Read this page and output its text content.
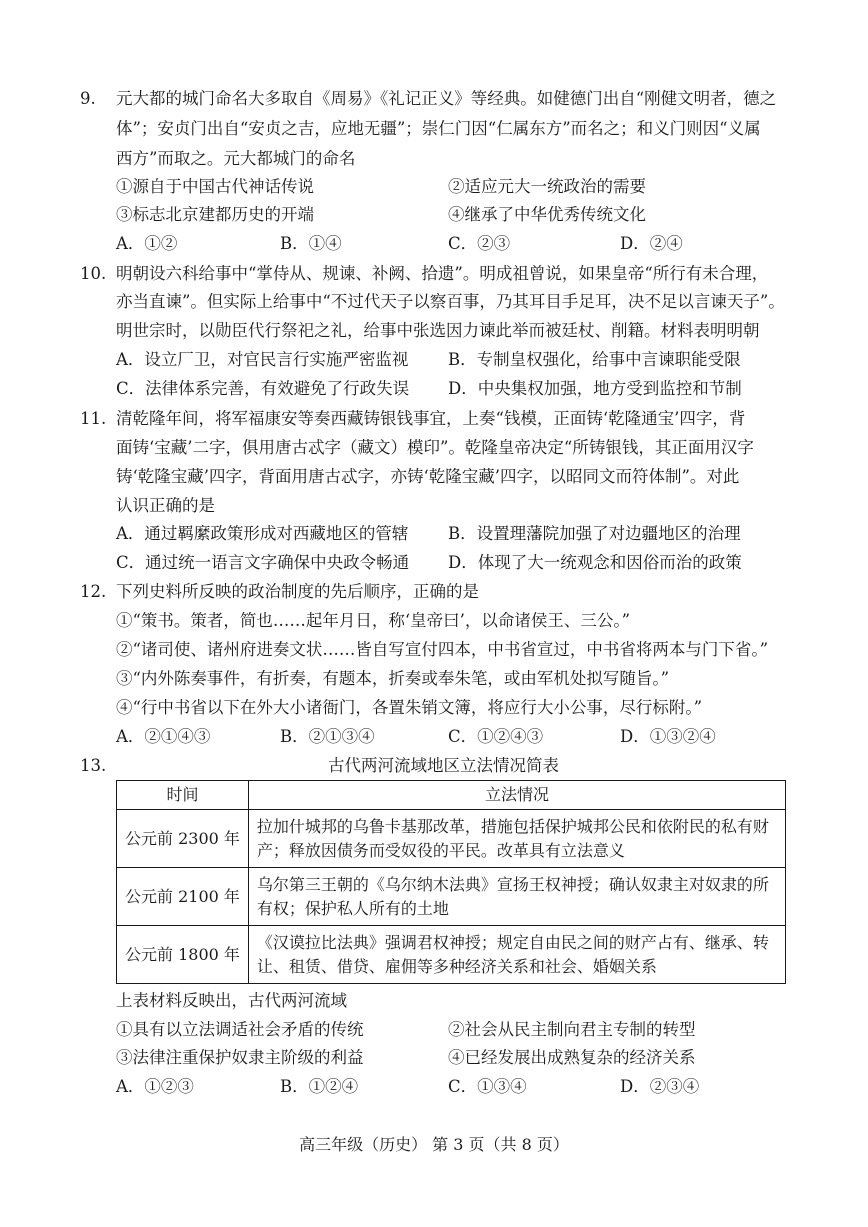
9. 元大都的城门命名大多取自《周易》《礼记正义》等经典。如健德门出自“刚健文明者，德之
体”；安贞门出自“安贞之吉，应地无疆”；崇仁门因“仁属东方”而名之；和义门则因“义属
西方”而取之。元大都城门的命名
①源自于中国古代神话传说	②适应元大一统政治的需要
③标志北京建都历史的开端	④继承了中华优秀传统文化
A．①②	B．①④	C．②③	D．②④
10. 明朝设六科给事中“掌侍从、规谏、补阙、拾遗”。明成祖曾说，如果皇帝“所行有未合理，
亦当直谏”。但实际上给事中“不过代天子以察百事，乃其耳目手足耳，决不足以言谏天子”。
明世宗时，以勋臣代行祭祀之礼，给事中张选因力谏此举而被廷杖、削籍。材料表明明朝
A．设立厂卫，对官民言行实施严密监视 B．专制皇权强化，给事中言谏职能受限
C．法律体系完善，有效避免了行政失误 D．中央集权加强，地方受到监控和节制
11. 清乾隆年间，将军福康安等奏西藏铸银钱事宜，上奏“钱模，正面铸‘乾隆通宝’四字，背
面铸‘宝藏’二字，俱用唐古忒字（藏文）模印”。乾隆皇帝决定“所铸银钱，其正面用汉字
铸‘乾隆宝藏’四字，背面用唐古忒字，亦铸‘乾隆宝藏’四字，以昭同文而符体制”。对此
认识正确的是
A．通过羁縻政策形成对西藏地区的管辖 B．设置理藩院加强了对边疆地区的治理
C．通过统一语言文字确保中央政令畅通 D．体现了大一统观念和因俗而治的政策
12. 下列史料所反映的政治制度的先后顺序，正确的是
①“策书。策者，简也……起年月日，称‘皇帝曰’，以命诸侯王、三公。”
②“诸司使、诸州府进奏文状……皆自写宣付四本，中书省宣过，中书省将两本与门下省。”
③“内外陈奏事件，有折奏，有题本，折奏或奉朱笔，或由军机处拟写随旨。”
④“行中书省以下在外大小诸衙门，各置朱销文簿，将应行大小公事，尽行标附。”
A．②①④③	B．②①③④	C．①②④③	D．①③②④
13.	古代两河流域地区立法情况简表
时间	立法情况
公元前 2300 年	拉加什城邦的乌鲁卡基那改革，措施包括保护城邦公民和依附民的私有财产；释放因债务而受奴役的平民。改革具有立法意义
公元前 2100 年	乌尔第三王朝的《乌尔纳木法典》宣扬王权神授；确认奴隶主对奴隶的所有权；保护私人所有的土地
公元前 1800 年	《汉谟拉比法典》强调君权神授；规定自由民之间的财产占有、继承、转让、租赁、借贷、雇佣等多种经济关系和社会、婚姻关系
上表材料反映出，古代两河流域
①具有以立法调适社会矛盾的传统	②社会从民主制向君主专制的转型
③法律注重保护奴隶主阶级的利益	④已经发展出成熟复杂的经济关系
A．①②③	B．①②④	C．①③④	D．②③④
高三年级（历史） 第 3 页（共 8 页）
